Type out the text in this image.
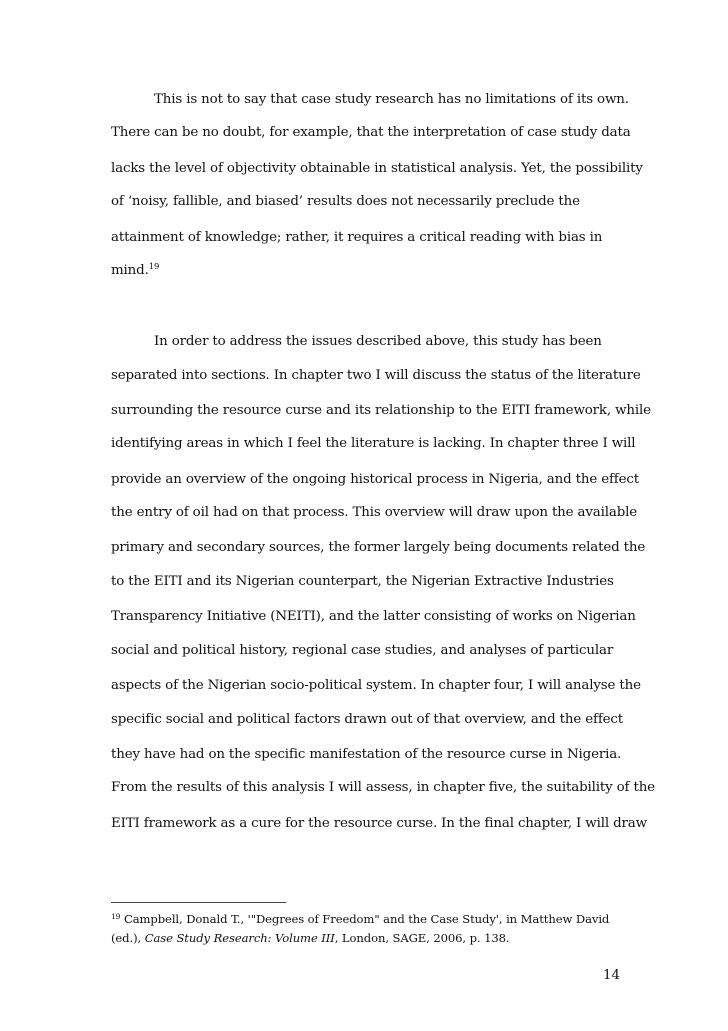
This is not to say that case study research has no limitations of its own.
There can be no doubt, for example, that the interpretation of case study data
lacks the level of objectivity obtainable in statistical analysis. Yet, the possibility
of ‘noisy, fallible, and biased’ results does not necessarily preclude the
attainment of knowledge; rather, it requires a critical reading with bias in
mind.$^{19}$
In order to address the issues described above, this study has been
separated into sections. In chapter two I will discuss the status of the literature
surrounding the resource curse and its relationship to the EITI framework, while
identifying areas in which I feel the literature is lacking. In chapter three I will
provide an overview of the ongoing historical process in Nigeria, and the effect
the entry of oil had on that process. This overview will draw upon the available
primary and secondary sources, the former largely being documents related the
to the EITI and its Nigerian counterpart, the Nigerian Extractive Industries
Transparency Initiative (NEITI), and the latter consisting of works on Nigerian
social and political history, regional case studies, and analyses of particular
aspects of the Nigerian socio-political system. In chapter four, I will analyse the
specific social and political factors drawn out of that overview, and the effect
they have had on the specific manifestation of the resource curse in Nigeria.
From the results of this analysis I will assess, in chapter five, the suitability of the
EITI framework as a cure for the resource curse. In the final chapter, I will draw
$^{19}$ Campbell, Donald T., '"Degrees of Freedom" and the Case Study', in Matthew David
(ed.), Case Study Research: Volume III, London, SAGE, 2006, p. 138.
14
